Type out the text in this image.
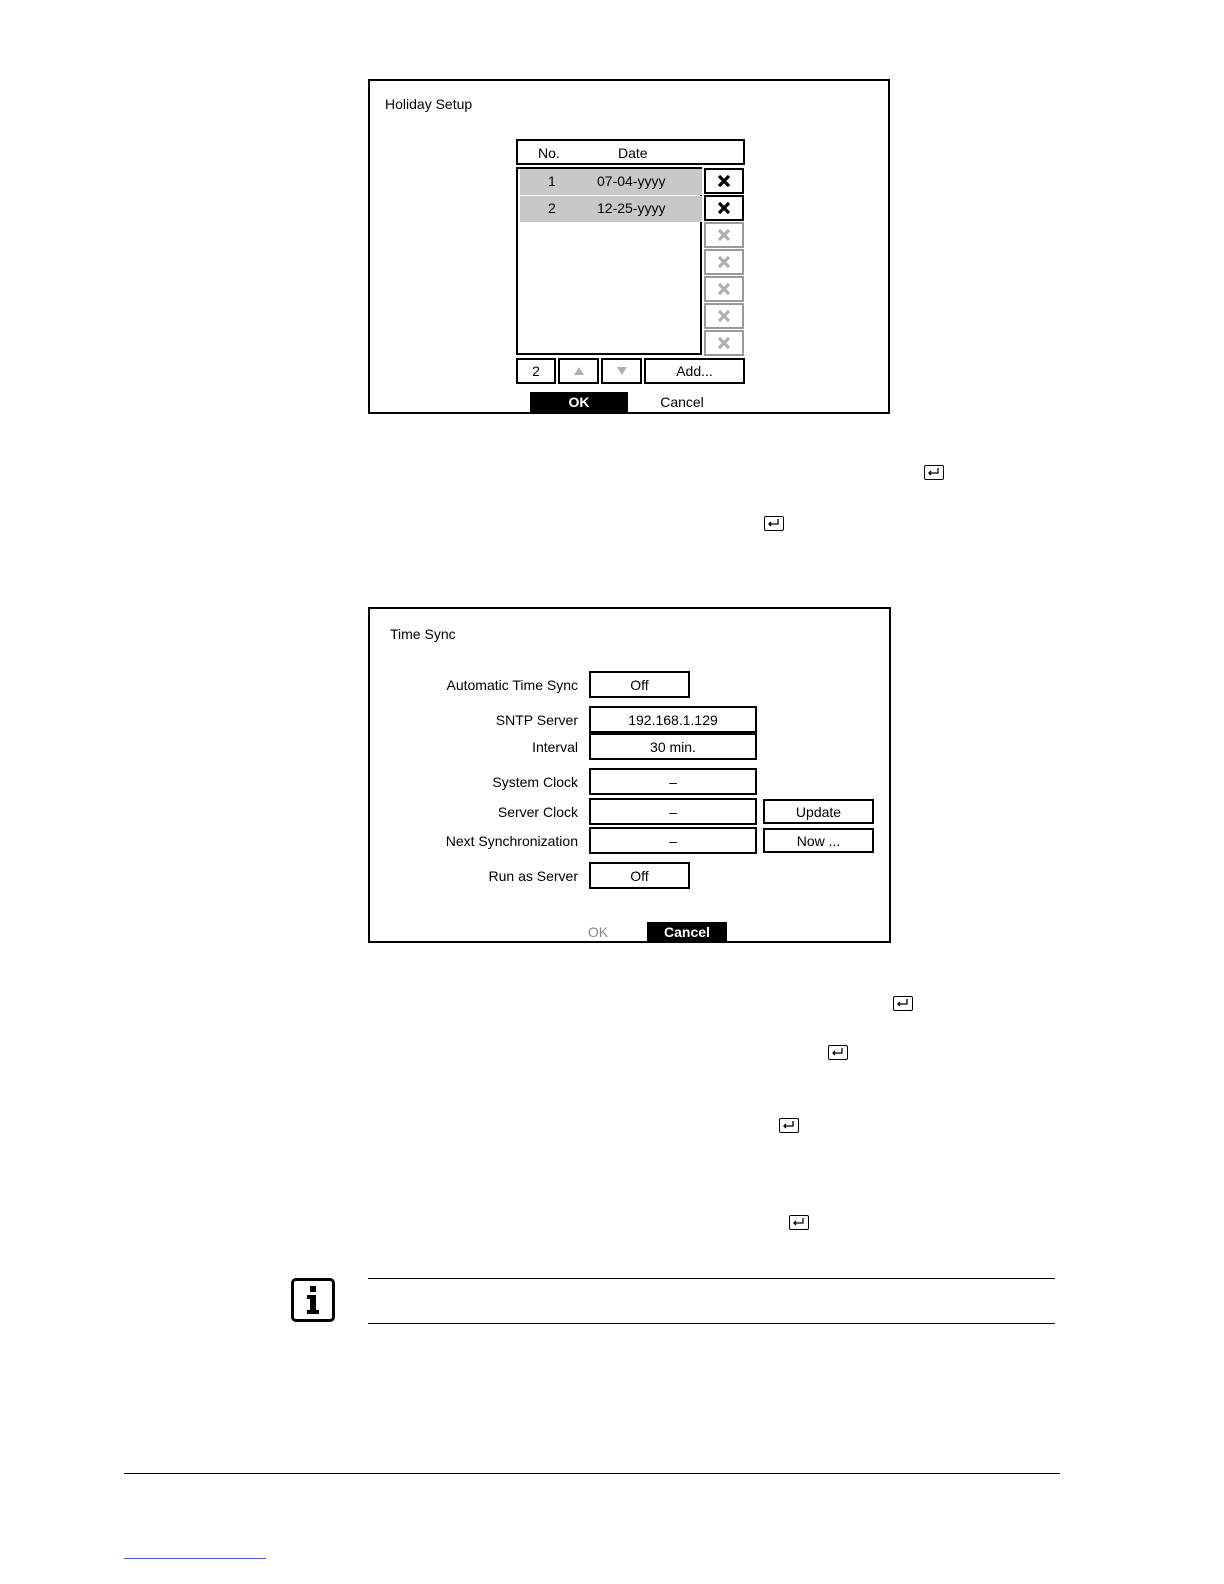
Holiday Setup
No.	Date
1	07-04-yyyy
2	12-25-yyyy
2	Add...
OK	Cancel
Time Sync
Automatic Time Sync	Off
SNTP Server	192.168.1.129
Interval	30 min.
System Clock	–
Server Clock	–	Update
Next Synchronization	–	Now ...
Run as Server	Off
OK	Cancel
